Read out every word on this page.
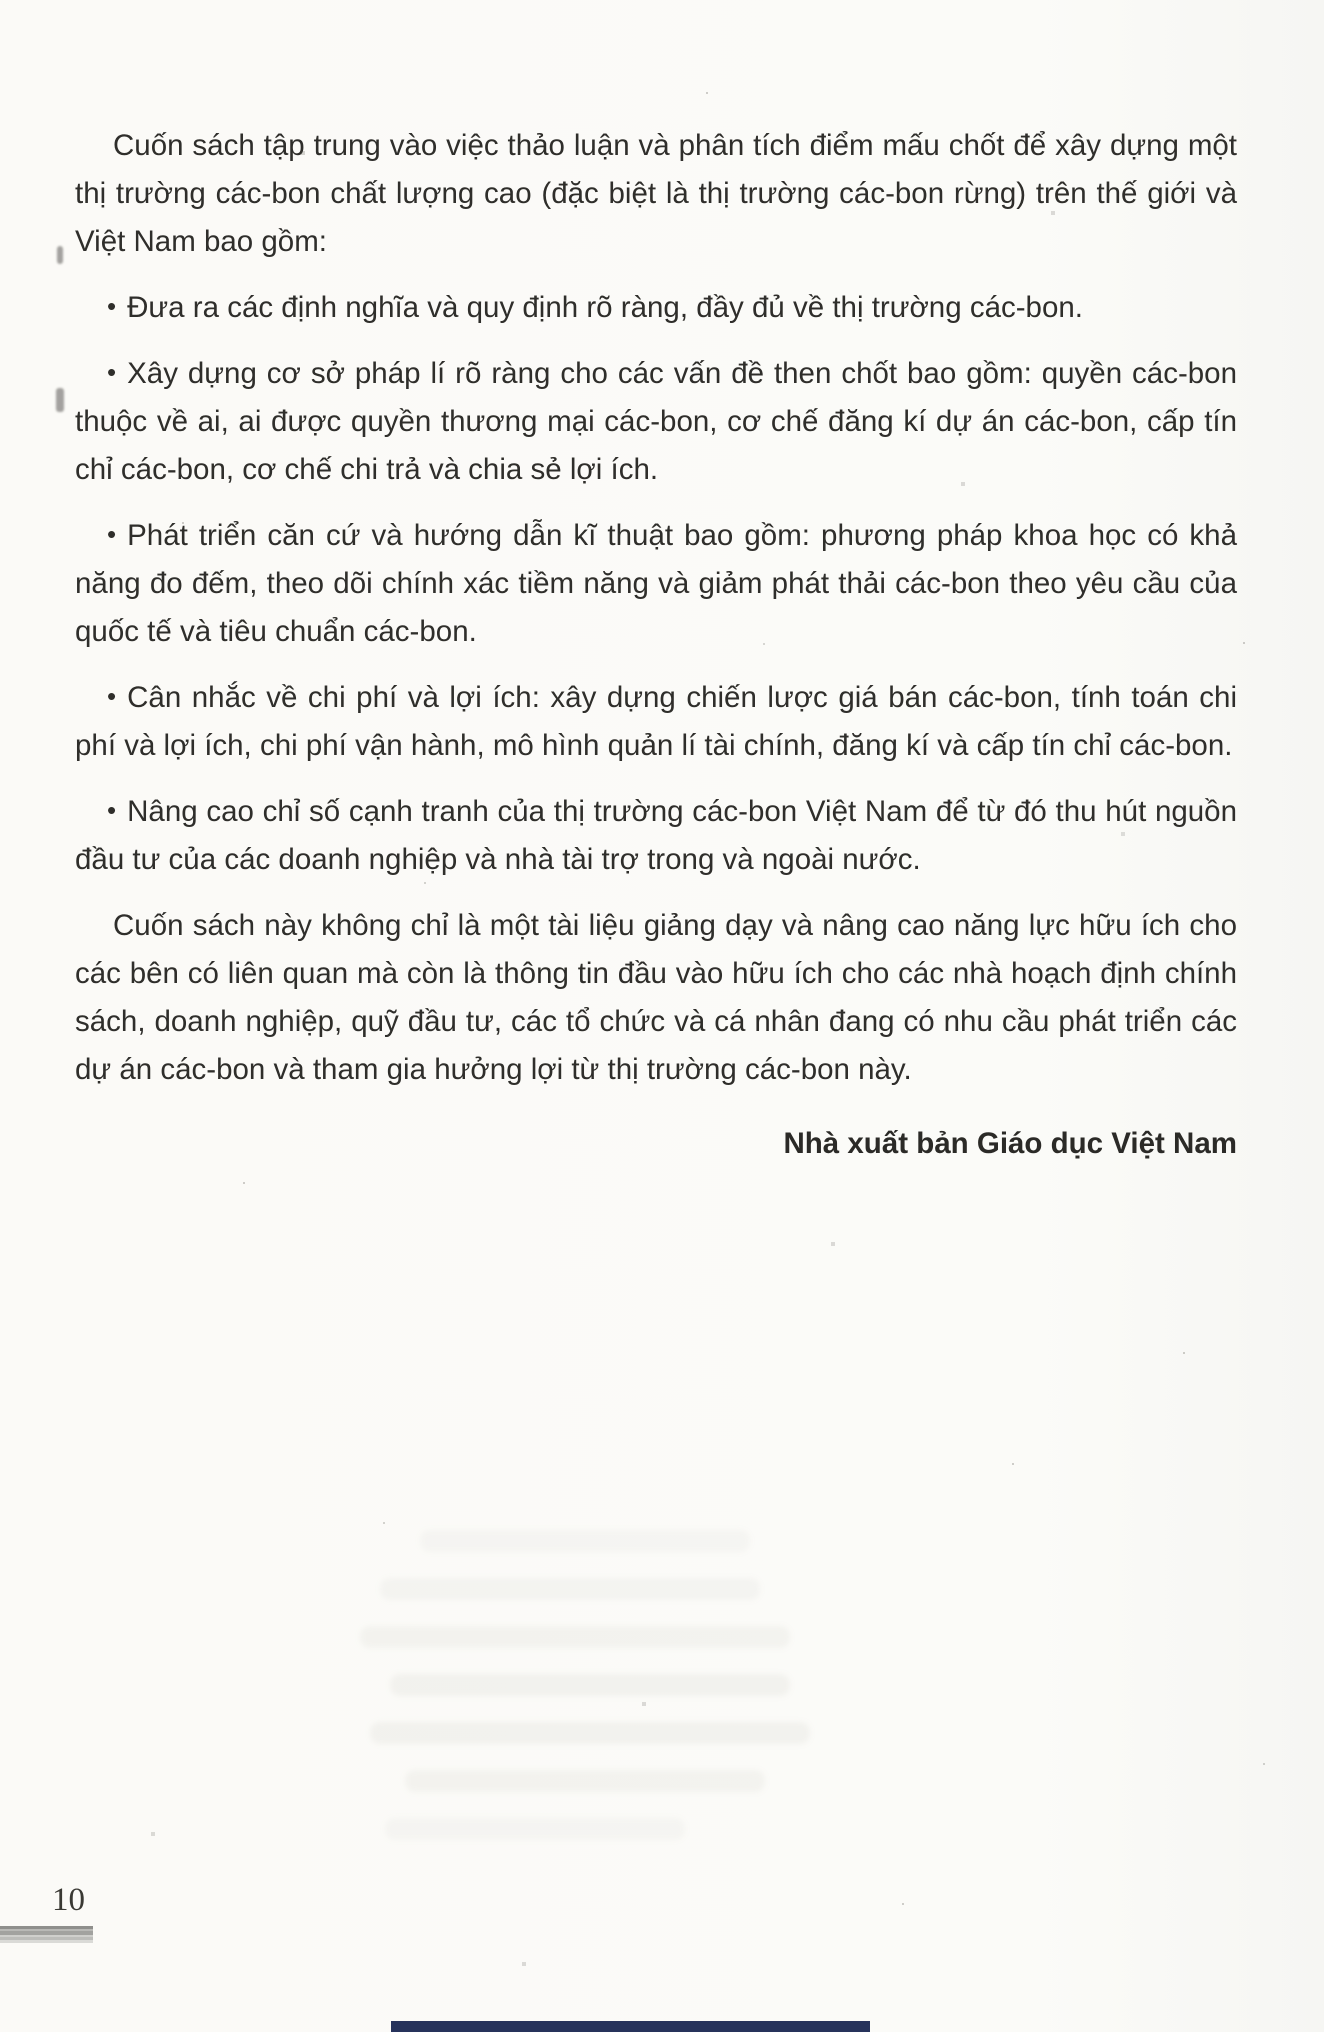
Cuốn sách tập trung vào việc thảo luận và phân tích điểm mấu chốt để xây dựng một thị trường các-bon chất lượng cao (đặc biệt là thị trường các-bon rừng) trên thế giới và Việt Nam bao gồm:

• Đưa ra các định nghĩa và quy định rõ ràng, đầy đủ về thị trường các-bon.

• Xây dựng cơ sở pháp lí rõ ràng cho các vấn đề then chốt bao gồm: quyền các-bon thuộc về ai, ai được quyền thương mại các-bon, cơ chế đăng kí dự án các-bon, cấp tín chỉ các-bon, cơ chế chi trả và chia sẻ lợi ích.

• Phát triển căn cứ và hướng dẫn kĩ thuật bao gồm: phương pháp khoa học có khả năng đo đếm, theo dõi chính xác tiềm năng và giảm phát thải các-bon theo yêu cầu của quốc tế và tiêu chuẩn các-bon.

• Cân nhắc về chi phí và lợi ích: xây dựng chiến lược giá bán các-bon, tính toán chi phí và lợi ích, chi phí vận hành, mô hình quản lí tài chính, đăng kí và cấp tín chỉ các-bon.

• Nâng cao chỉ số cạnh tranh của thị trường các-bon Việt Nam để từ đó thu hút nguồn đầu tư của các doanh nghiệp và nhà tài trợ trong và ngoài nước.

Cuốn sách này không chỉ là một tài liệu giảng dạy và nâng cao năng lực hữu ích cho các bên có liên quan mà còn là thông tin đầu vào hữu ích cho các nhà hoạch định chính sách, doanh nghiệp, quỹ đầu tư, các tổ chức và cá nhân đang có nhu cầu phát triển các dự án các-bon và tham gia hưởng lợi từ thị trường các-bon này.

Nhà xuất bản Giáo dục Việt Nam

10
